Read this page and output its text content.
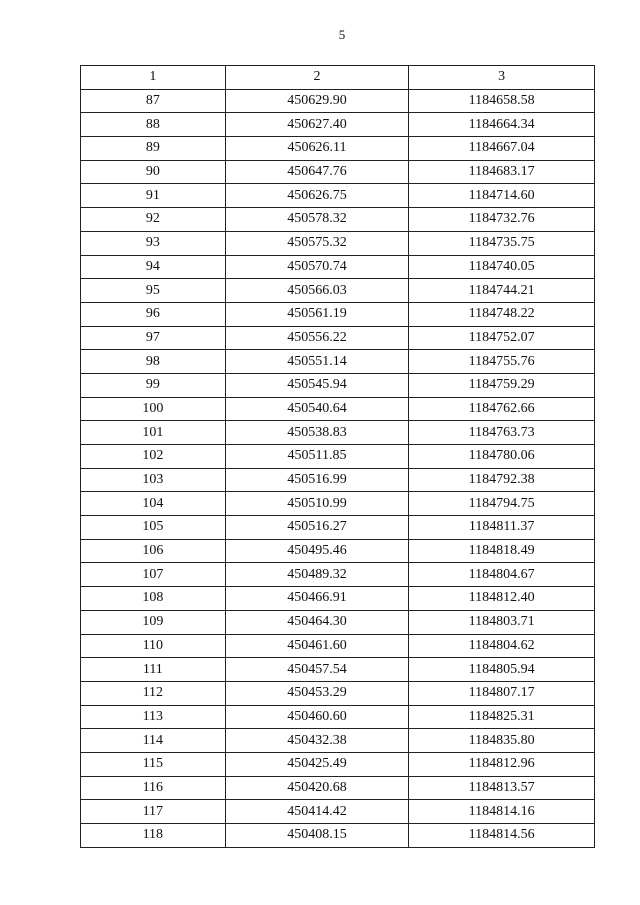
5
1	2	3
87	450629.90	1184658.58
88	450627.40	1184664.34
89	450626.11	1184667.04
90	450647.76	1184683.17
91	450626.75	1184714.60
92	450578.32	1184732.76
93	450575.32	1184735.75
94	450570.74	1184740.05
95	450566.03	1184744.21
96	450561.19	1184748.22
97	450556.22	1184752.07
98	450551.14	1184755.76
99	450545.94	1184759.29
100	450540.64	1184762.66
101	450538.83	1184763.73
102	450511.85	1184780.06
103	450516.99	1184792.38
104	450510.99	1184794.75
105	450516.27	1184811.37
106	450495.46	1184818.49
107	450489.32	1184804.67
108	450466.91	1184812.40
109	450464.30	1184803.71
110	450461.60	1184804.62
111	450457.54	1184805.94
112	450453.29	1184807.17
113	450460.60	1184825.31
114	450432.38	1184835.80
115	450425.49	1184812.96
116	450420.68	1184813.57
117	450414.42	1184814.16
118	450408.15	1184814.56
